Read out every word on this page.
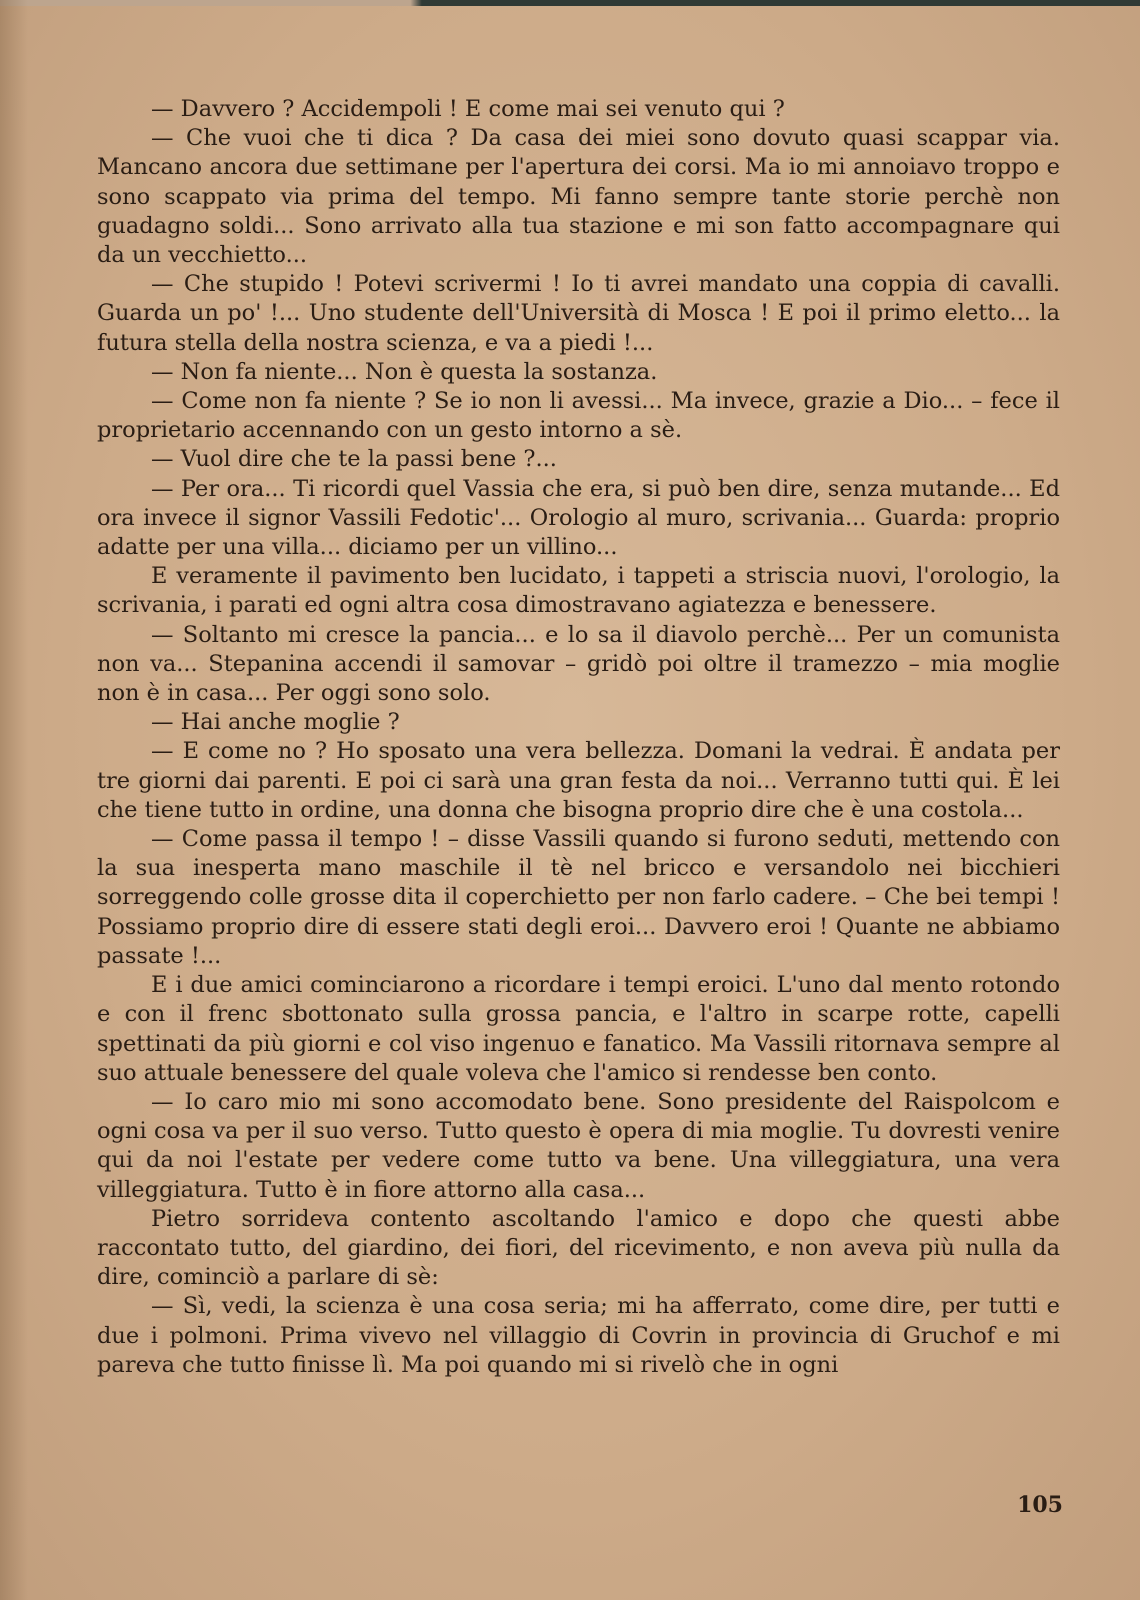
— Davvero ? Accidempoli ! E come mai sei venuto qui ?

— Che vuoi che ti dica ? Da casa dei miei sono dovuto quasi scappar via. Mancano ancora due settimane per l'apertura dei corsi. Ma io mi annoiavo troppo e sono scappato via prima del tempo. Mi fanno sempre tante storie perchè non guadagno soldi... Sono arrivato alla tua stazione e mi son fatto accompagnare qui da un vecchietto...

— Che stupido ! Potevi scrivermi ! Io ti avrei mandato una coppia di cavalli. Guarda un po' !... Uno studente dell'Università di Mosca ! E poi il primo eletto... la futura stella della nostra scienza, e va a piedi !...

— Non fa niente... Non è questa la sostanza.

— Come non fa niente ? Se io non li avessi... Ma invece, grazie a Dio... – fece il proprietario accennando con un gesto intorno a sè.

— Vuol dire che te la passi bene ?...

— Per ora... Ti ricordi quel Vassia che era, si può ben dire, senza mutande... Ed ora invece il signor Vassili Fedotic'... Orologio al muro, scrivania... Guarda: proprio adatte per una villa... diciamo per un villino...

E veramente il pavimento ben lucidato, i tappeti a striscia nuovi, l'orologio, la scrivania, i parati ed ogni altra cosa dimostravano agiatezza e benessere.

— Soltanto mi cresce la pancia... e lo sa il diavolo perchè... Per un comunista non va... Stepanina accendi il samovar – gridò poi oltre il tramezzo – mia moglie non è in casa... Per oggi sono solo.

— Hai anche moglie ?

— E come no ? Ho sposato una vera bellezza. Domani la vedrai. È andata per tre giorni dai parenti. E poi ci sarà una gran festa da noi... Verranno tutti qui. È lei che tiene tutto in ordine, una donna che bisogna proprio dire che è una costola...

— Come passa il tempo ! – disse Vassili quando si furono seduti, mettendo con la sua inesperta mano maschile il tè nel bricco e versandolo nei bicchieri sorreggendo colle grosse dita il coperchietto per non farlo cadere. – Che bei tempi ! Possiamo proprio dire di essere stati degli eroi... Davvero eroi ! Quante ne abbiamo passate !...

E i due amici cominciarono a ricordare i tempi eroici. L'uno dal mento rotondo e con il frenc sbottonato sulla grossa pancia, e l'altro in scarpe rotte, capelli spettinati da più giorni e col viso ingenuo e fanatico. Ma Vassili ritornava sempre al suo attuale benessere del quale voleva che l'amico si rendesse ben conto.

— Io caro mio mi sono accomodato bene. Sono presidente del Raispolcom e ogni cosa va per il suo verso. Tutto questo è opera di mia moglie. Tu dovresti venire qui da noi l'estate per vedere come tutto va bene. Una villeggiatura, una vera villeggiatura. Tutto è in fiore attorno alla casa...

Pietro sorrideva contento ascoltando l'amico e dopo che questi abbe raccontato tutto, del giardino, dei fiori, del ricevimento, e non aveva più nulla da dire, cominciò a parlare di sè:

— Sì, vedi, la scienza è una cosa seria; mi ha afferrato, come dire, per tutti e due i polmoni. Prima vivevo nel villaggio di Covrin in provincia di Gruchof e mi pareva che tutto finisse lì. Ma poi quando mi si rivelò che in ogni

105
